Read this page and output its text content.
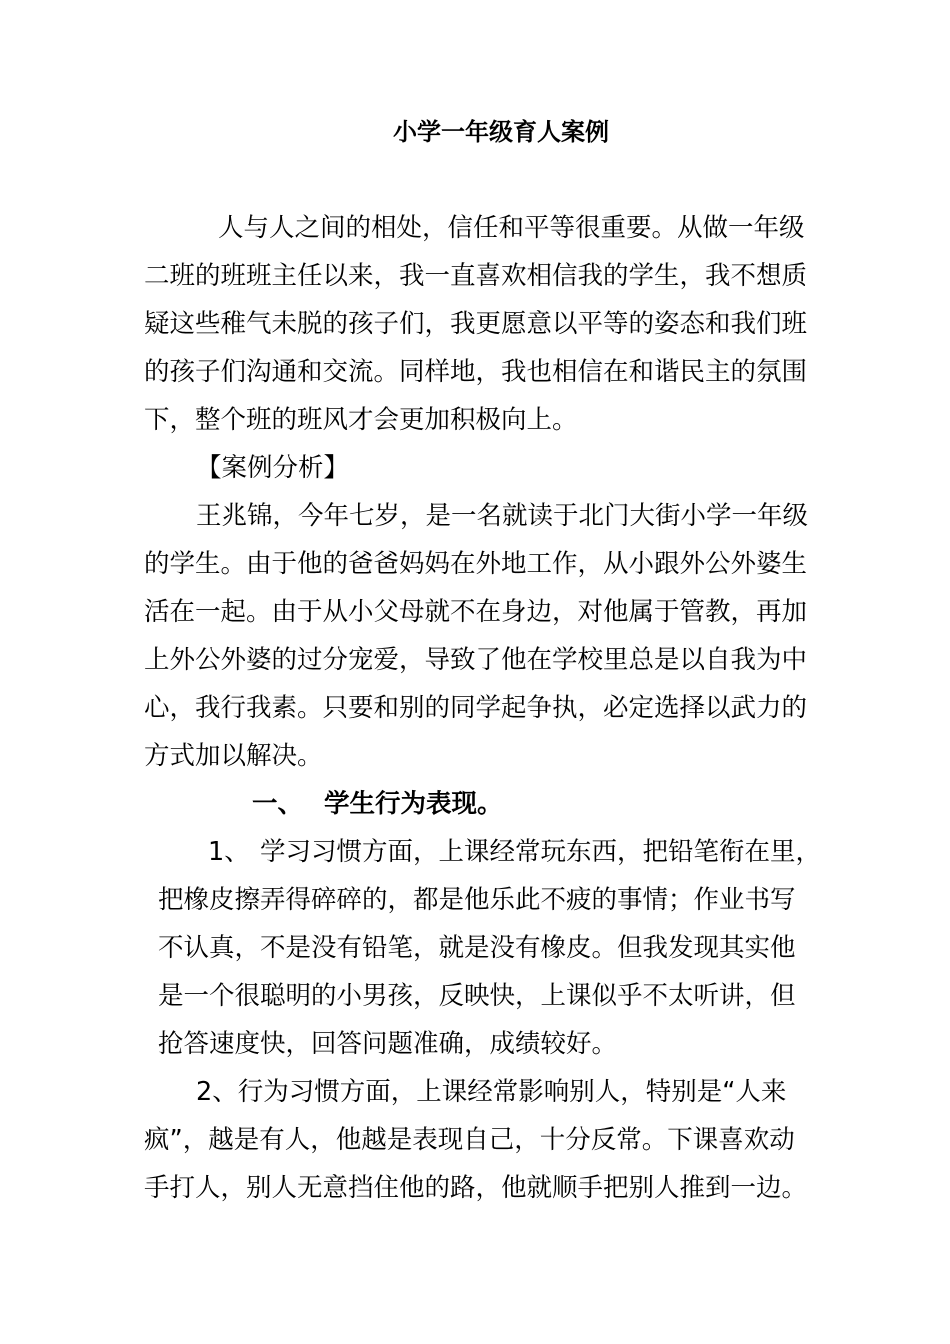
小学一年级育人案例
人与人之间的相处，信任和平等很重要。从做一年级
二班的班班主任以来，我一直喜欢相信我的学生，我不想质
疑这些稚气未脱的孩子们，我更愿意以平等的姿态和我们班
的孩子们沟通和交流。同样地，我也相信在和谐民主的氛围
下，整个班的班风才会更加积极向上。
【案例分析】
王兆锦，今年七岁，是一名就读于北门大街小学一年级
的学生。由于他的爸爸妈妈在外地工作，从小跟外公外婆生
活在一起。由于从小父母就不在身边，对他属于管教，再加
上外公外婆的过分宠爱，导致了他在学校里总是以自我为中
心，我行我素。只要和别的同学起争执，必定选择以武力的
方式加以解决。
一、 学生行为表现。
1、 学习习惯方面，上课经常玩东西，把铅笔衔在里，
把橡皮擦弄得碎碎的，都是他乐此不疲的事情；作业书写
不认真，不是没有铅笔，就是没有橡皮。但我发现其实他
是一个很聪明的小男孩，反映快，上课似乎不太听讲，但
抢答速度快，回答问题准确，成绩较好。
2、行为习惯方面，上课经常影响别人，特别是“人来
疯”，越是有人，他越是表现自己，十分反常。下课喜欢动
手打人，别人无意挡住他的路，他就顺手把别人推到一边。
